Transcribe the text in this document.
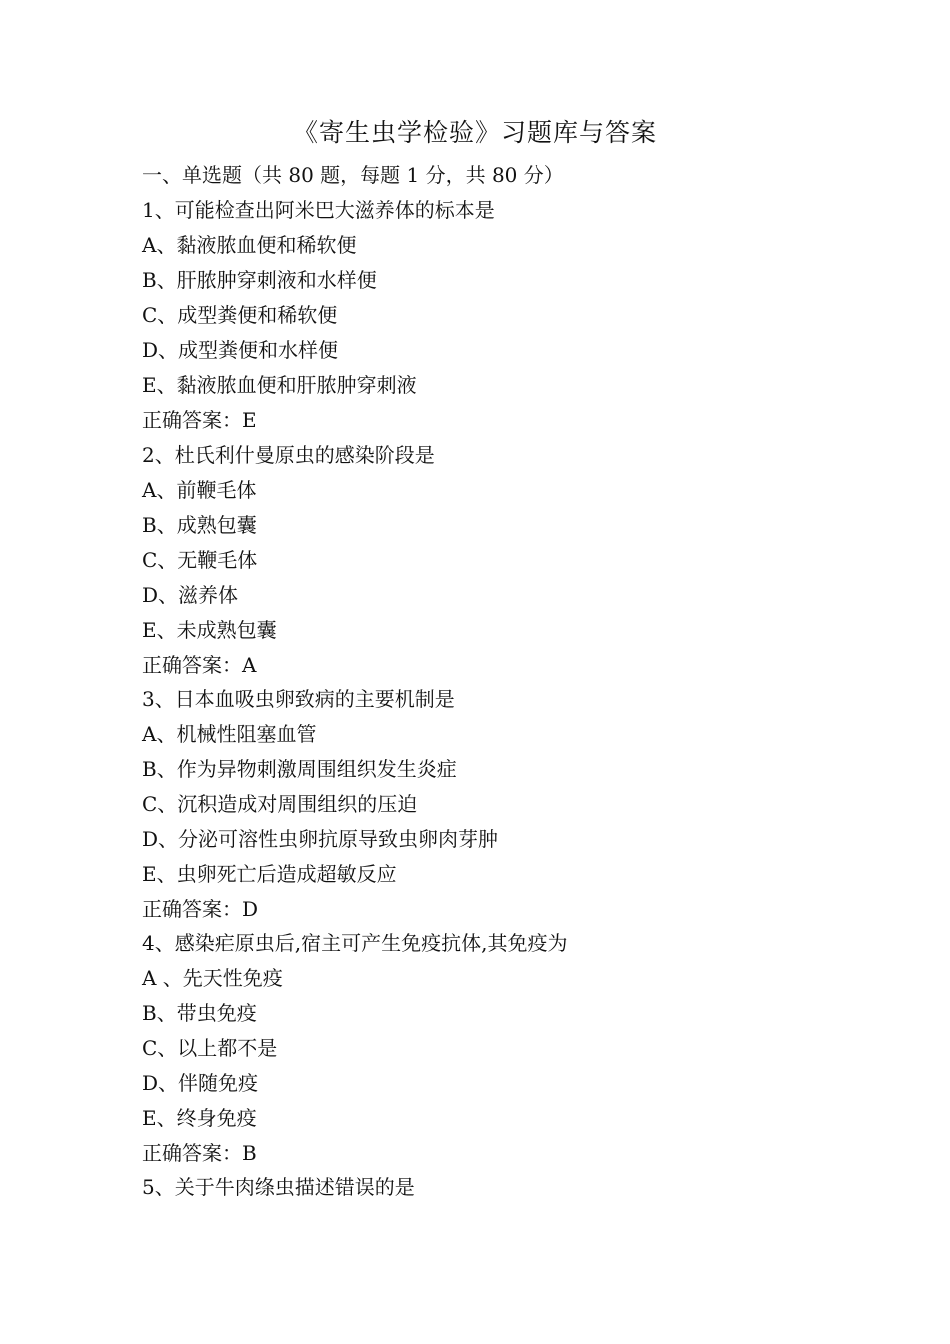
《寄生虫学检验》习题库与答案
一、单选题（共 80 题，每题 1 分，共 80 分）
1、可能检查出阿米巴大滋养体的标本是
A、黏液脓血便和稀软便
B、肝脓肿穿刺液和水样便
C、成型粪便和稀软便
D、成型粪便和水样便
E、黏液脓血便和肝脓肿穿刺液
正确答案：E
2、杜氏利什曼原虫的感染阶段是
A、前鞭毛体
B、成熟包囊
C、无鞭毛体
D、滋养体
E、未成熟包囊
正确答案：A
3、日本血吸虫卵致病的主要机制是
A、机械性阻塞血管
B、作为异物刺激周围组织发生炎症
C、沉积造成对周围组织的压迫
D、分泌可溶性虫卵抗原导致虫卵肉芽肿
E、虫卵死亡后造成超敏反应
正确答案：D
4、感染疟原虫后,宿主可产生免疫抗体,其免疫为
A 、先天性免疫
B、带虫免疫
C、以上都不是
D、伴随免疫
E、终身免疫
正确答案：B
5、关于牛肉绦虫描述错误的是
